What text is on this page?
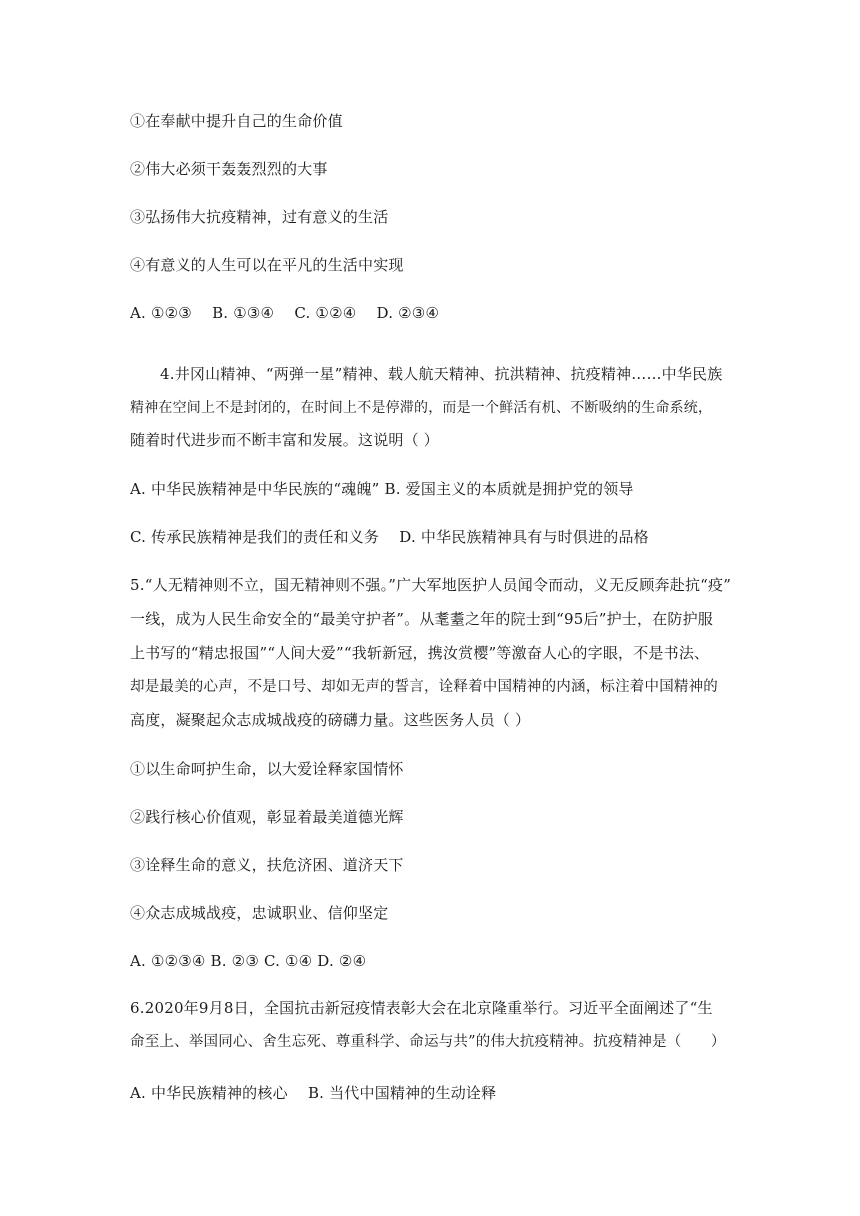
①在奉献中提升自己的生命价值
②伟大必须干轰轰烈烈的大事
③弘扬伟大抗疫精神，过有意义的生活
④有意义的人生可以在平凡的生活中实现
A. ①②③　 B. ①③④　 C. ①②④　 D. ②③④
4.井冈山精神、“两弹一星”精神、载人航天精神、抗洪精神、抗疫精神……中华民族
精神在空间上不是封闭的，在时间上不是停滞的，而是一个鲜活有机、不断吸纳的生命系统，
随着时代进步而不断丰富和发展。这说明（ ）
A. 中华民族精神是中华民族的“魂魄” B. 爱国主义的本质就是拥护党的领导
C. 传承民族精神是我们的责任和义务　 D. 中华民族精神具有与时俱进的品格
5.“人无精神则不立，国无精神则不强。”广大军地医护人员闻令而动，义无反顾奔赴抗“疫”
一线，成为人民生命安全的“最美守护者”。从耄耋之年的院士到“95后”护士，在防护服
上书写的“精忠报国”“人间大爱”“我斩新冠，携汝赏樱”等激奋人心的字眼，不是书法、
却是最美的心声，不是口号、却如无声的誓言，诠释着中国精神的内涵，标注着中国精神的
高度，凝聚起众志成城战疫的磅礴力量。这些医务人员（ ）
①以生命呵护生命，以大爱诠释家国情怀
②践行核心价值观，彰显着最美道德光辉
③诠释生命的意义，扶危济困、道济天下
④众志成城战疫，忠诚职业、信仰坚定
A. ①②③④ B. ②③ C. ①④ D. ②④
6.2020年9月8日，全国抗击新冠疫情表彰大会在北京隆重举行。习近平全面阐述了“生
命至上、举国同心、舍生忘死、尊重科学、命运与共”的伟大抗疫精神。抗疫精神是（　　）
A. 中华民族精神的核心　 B. 当代中国精神的生动诠释
